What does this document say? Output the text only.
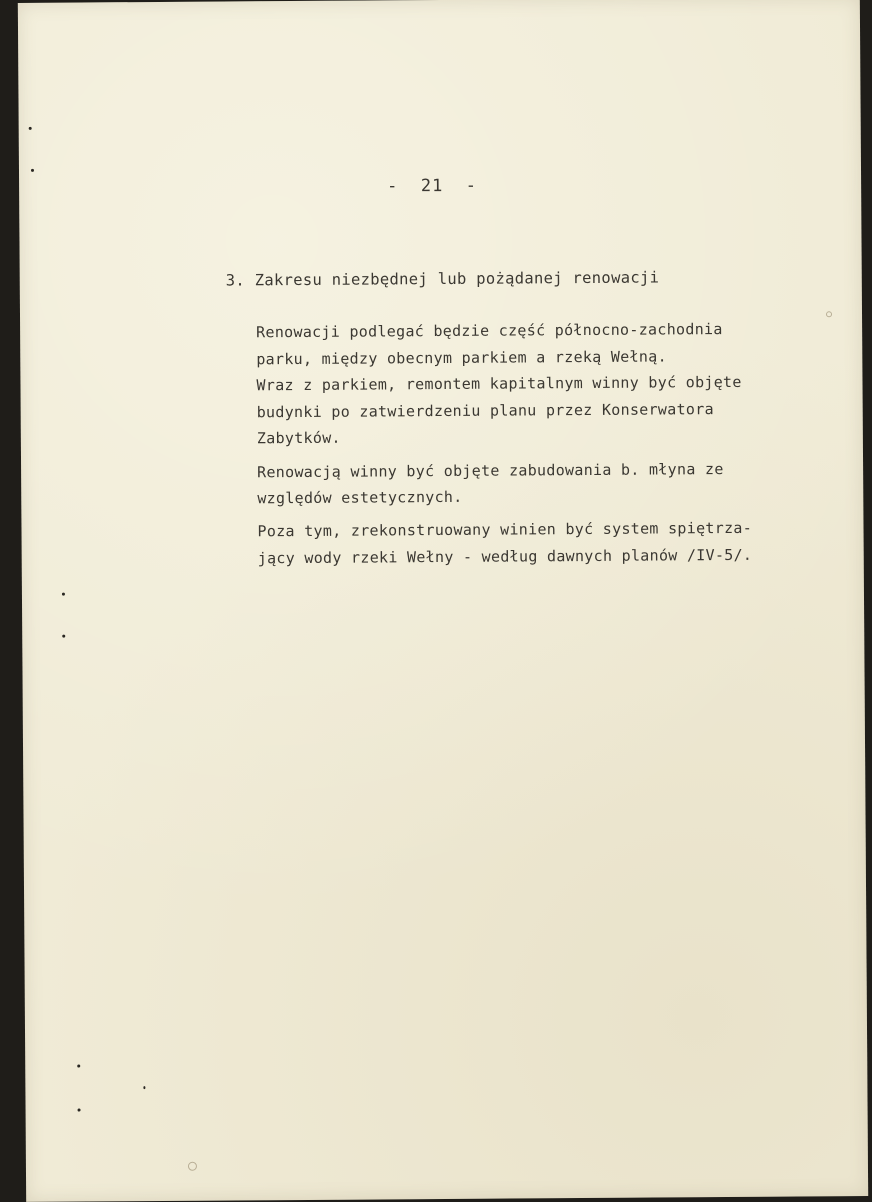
-  21  -
3. Zakresu niezbędnej lub pożądanej renowacji
Renowacji podlegać będzie część północno-zachodnia
parku, między obecnym parkiem a rzeką Wełną.
Wraz z parkiem, remontem kapitalnym winny być objęte
budynki po zatwierdzeniu planu przez Konserwatora
Zabytków.
Renowacją winny być objęte zabudowania b. młyna ze
względów estetycznych.
Poza tym, zrekonstruowany winien być system spiętrza-
jący wody rzeki Wełny - według dawnych planów /IV-5/.
